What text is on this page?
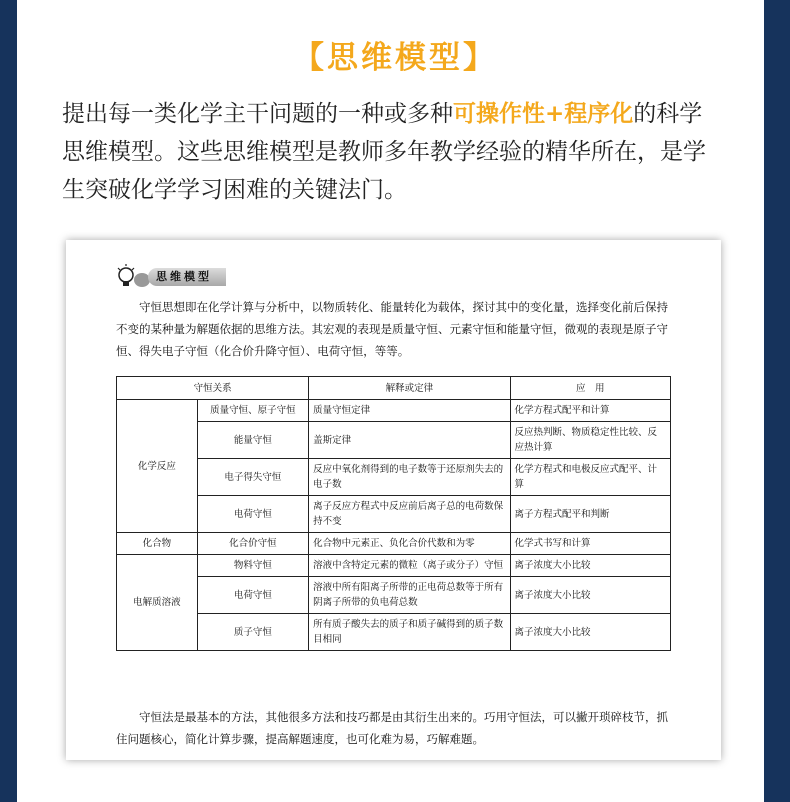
【思维模型】

提出每一类化学主干问题的一种或多种可操作性+程序化的科学

思维模型。这些思维模型是教师多年教学经验的精华所在，是学

生突破化学学习困难的关键法门。

思维模型
守恒思想即在化学计算与分析中，以物质转化、能量转化为载体，探讨其中的变化量，选择变化前后保持不变的某种量为解题依据的思维方法。其宏观的表现是质量守恒、元素守恒和能量守恒，微观的表现是原子守恒、得失电子守恒（化合价升降守恒）、电荷守恒，等等。
守恒关系		解释或定律	应　用
化学反应	质量守恒、原子守恒	质量守恒定律	化学方程式配平和计算
	能量守恒	盖斯定律	反应热判断、物质稳定性比较、反应热计算
	电子得失守恒	反应中氧化剂得到的电子数等于还原剂失去的电子数	化学方程式和电极反应式配平、计算
	电荷守恒	离子反应方程式中反应前后离子总的电荷数保持不变	离子方程式配平和判断
化合物	化合价守恒	化合物中元素正、负化合价代数和为零	化学式书写和计算
电解质溶液	物料守恒	溶液中含特定元素的微粒（离子或分子）守恒	离子浓度大小比较
	电荷守恒	溶液中所有阳离子所带的正电荷总数等于所有阴离子所带的负电荷总数	离子浓度大小比较
	质子守恒	所有质子酸失去的质子和质子碱得到的质子数目相同	离子浓度大小比较
守恒法是最基本的方法，其他很多方法和技巧都是由其衍生出来的。巧用守恒法，可以撇开琐碎枝节，抓住问题核心，简化计算步骤，提高解题速度，也可化难为易，巧解难题。
